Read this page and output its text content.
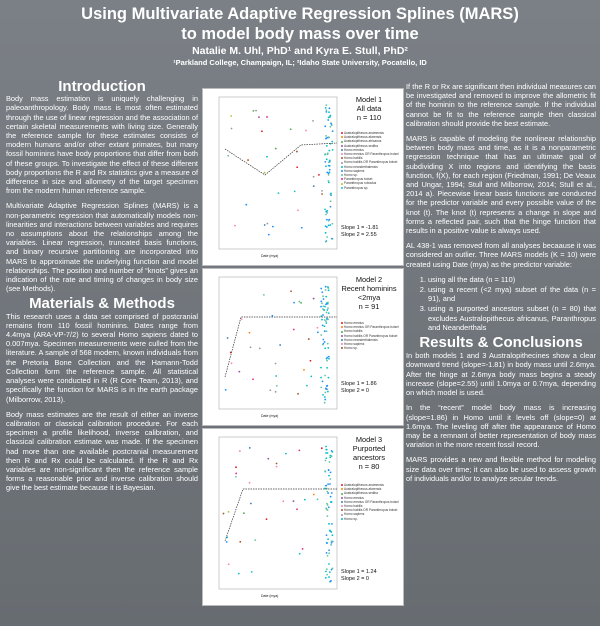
Using Multivariate Adaptive Regression Splines (MARS)
to model body mass over time
Natalie M. Uhl, PhD¹ and Kyra E. Stull, PhD²
¹Parkland College, Champaign, IL; ²Idaho State University, Pocatello, ID
Introduction

Body mass estimation is uniquely challenging in paleoanthropology. Body mass is most often estimated through the use of linear regression and the association of certain skeletal measurements with living size. Generally the reference sample for these estimates consists of modern humans and/or other extant primates, but many fossil hominins have body proportions that differ from both of these groups. To investigate the effect of these different body proportions the R and Rx statistics give a measure of difference in size and allometry of the target specimen from the modern human reference sample.

Multivariate Adaptive Regression Splines (MARS) is a non-parametric regression that automatically models non-linearities and interactions between variables and requires no assumptions about the relationships among the variables. Linear regression, truncated basis functions, and binary recursive partitioning are incorporated into MARS to approximate the underlying function and model relationships. The position and number of “knots” gives an indication of the rate and timing of changes in body size (see Methods).

Materials & Methods

This research uses a data set comprised of postcranial remains from 110 fossil hominins. Dates range from 4.4mya (ARA-VP-7/2) to several Homo sapiens dated to 0.007mya. Specimen measurements were culled from the literature. A sample of 568 modern, known individuals from the Pretoria Bone Collection and the Hamann-Todd Collection form the reference sample. All statistical analyses were conducted in R (R Core Team, 2013), and specifically the function for MARS is in the earth package (Milborrow, 2013).

Body mass estimates are the result of either an inverse calibration or classical calibration procedure. For each specimen a profile likelihood, inverse calibration, and classical calibration estimate was made. If the specimen had more than one available postcranial measurement then R and Rx could be calculated. If the R and Rx variables are non-significant then the reference sample forms a reasonable prior and inverse calibration should give the best estimate because it is Bayesian.

If the R or Rx are significant then individual measures can be investigated and removed to improve the allometric fit of the hominin to the reference sample. If the individual cannot be fit to the reference sample then classical calibration should provide the best estimate.

MARS is capable of modeling the nonlinear relationship between body mass and time, as it is a nonparametric regression technique that has an ultimate goal of subdividing X into regions and identifying the basis function, f(X), for each region (Friedman, 1991; De Veaux and Ungar, 1994; Stull and Milborrow, 2014; Stull et al., 2014 a). Piecewise linear basis functions are conducted for the predictor variable and every possible value of the knot (t). The knot (t) represents a change in slope and forms a reflected pair, such that the hinge function that results in a positive value is always used.

AL 438-1 was removed from all analyses becaause it was considered an outlier. Three MARS models (K = 10) were created using Date (mya) as the predictor variable:

1. using all the data (n = 110)
2. using a recent (<2 mya) subset of the data (n = 91), and
3. using a purported ancestors subset (n = 80) that excludes Australopithecus africanus, Paranthropus and Neanderthals
Results & Conclusions

In both models 1 and 3 Australopithecines show a clear downward trend (slope=-1.81) in body mass until 2.6mya. After the hinge at 2.6mya body mass begins a steady increase (slope=2.55) until 1.0mya or 0.7mya, depending on which model is used.

In the “recent” model body mass is increasing (slope=1.86) in Homo until it levels off (slope=0) at 1.6mya. The leveling off after the appearance of Homo may be a remnant of better representation of body mass variation in the more recent fossil record.

MARS provides a new and flexible method for modeling size data over time; it can also be used to assess growth of individuals and/or to analyze secular trends.

Model 1
All data
n = 110
Australopithecus anamensis
Australopithecus afarensis
Australopithecus africanus
Australopithecus sediba
Homo erectus
Homo erectus OR Paranthropus boisei
Homo habilis
Homo habilis OR Paranthropus boisei
Homo neanderthalensis
Homo sapiens
Homo sp.
Paranthropus boisei
Paranthropus robustus
Paranthropus sp.
Slope 1 = -1.81
Slope 2 = 2.55
Date (mya)
Model 2
Recent hominins
<2mya
n = 91
Homo erectus
Homo erectus OR Paranthropus boisei
Homo habilis
Homo habilis OR Paranthropus boisei
Homo neanderthalensis
Homo sapiens
Homo sp.
Slope 1 = 1.86
Slope 2 = 0
Date (mya)
Model 3
Purported
ancestors
n = 80
Australopithecus anamensis
Australopithecus afarensis
Australopithecus sediba
Homo erectus
Homo erectus OR Paranthropus boisei
Homo habilis
Homo habilis OR Paranthropus boisei
Homo sapiens
Homo sp.
Slope 1 = 1.24
Slope 2 = 0
Date (mya)
